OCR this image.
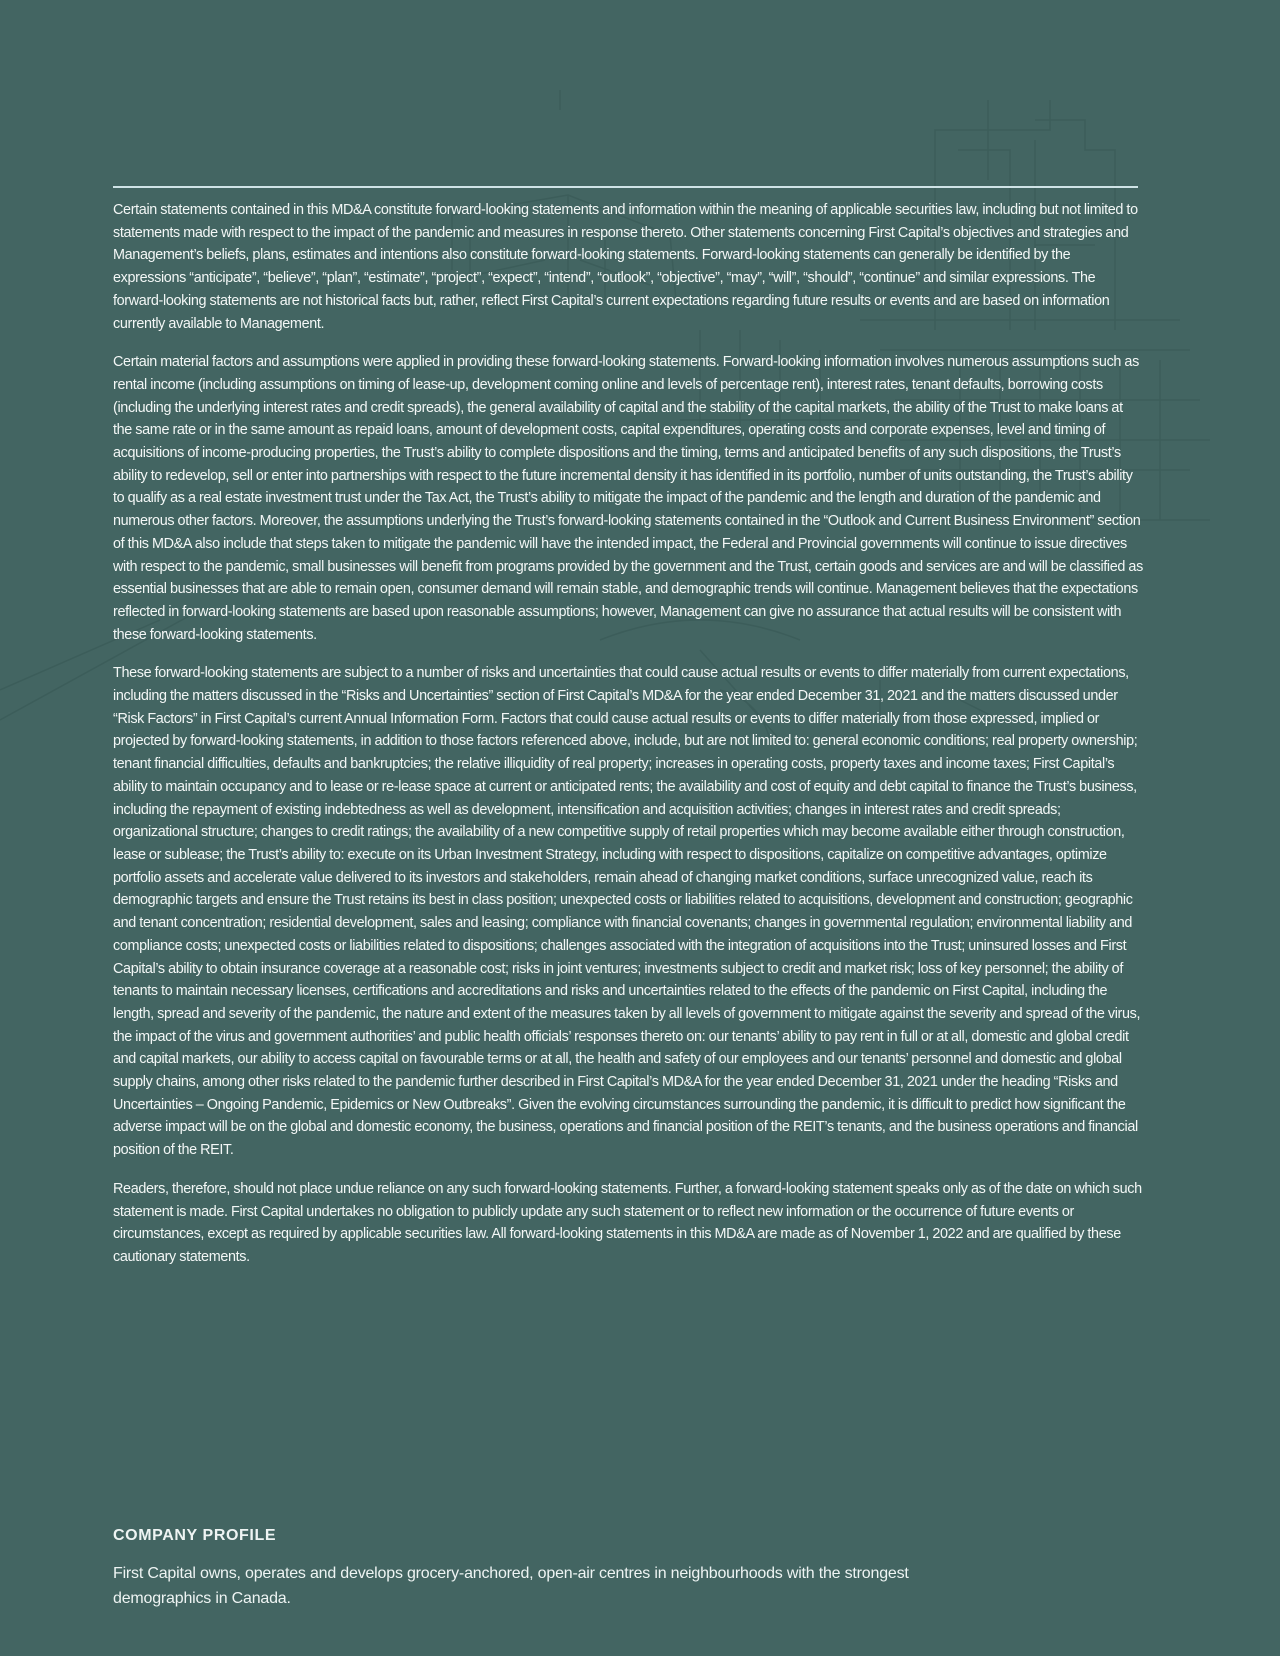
Certain statements contained in this MD&A constitute forward-looking statements and information within the meaning of applicable securities law, including but not limited to statements made with respect to the impact of the pandemic and measures in response thereto. Other statements concerning First Capital’s objectives and strategies and Management’s beliefs, plans, estimates and intentions also constitute forward-looking statements. Forward-looking statements can generally be identified by the expressions “anticipate”, “believe”, “plan”, “estimate”, “project”, “expect”, “intend”, “outlook”, “objective”, “may”, “will”, “should”, “continue” and similar expressions. The forward-looking statements are not historical facts but, rather, reflect First Capital’s current expectations regarding future results or events and are based on information currently available to Management.

Certain material factors and assumptions were applied in providing these forward-looking statements. Forward-looking information involves numerous assumptions such as rental income (including assumptions on timing of lease-up, development coming online and levels of percentage rent), interest rates, tenant defaults, borrowing costs (including the underlying interest rates and credit spreads), the general availability of capital and the stability of the capital markets, the ability of the Trust to make loans at the same rate or in the same amount as repaid loans, amount of development costs, capital expenditures, operating costs and corporate expenses, level and timing of acquisitions of income-producing properties, the Trust’s ability to complete dispositions and the timing, terms and anticipated benefits of any such dispositions, the Trust’s ability to redevelop, sell or enter into partnerships with respect to the future incremental density it has identified in its portfolio, number of units outstanding, the Trust’s ability to qualify as a real estate investment trust under the Tax Act, the Trust’s ability to mitigate the impact of the pandemic and the length and duration of the pandemic and numerous other factors. Moreover, the assumptions underlying the Trust’s forward-looking statements contained in the “Outlook and Current Business Environment” section of this MD&A also include that steps taken to mitigate the pandemic will have the intended impact, the Federal and Provincial governments will continue to issue directives with respect to the pandemic, small businesses will benefit from programs provided by the government and the Trust, certain goods and services are and will be classified as essential businesses that are able to remain open, consumer demand will remain stable, and demographic trends will continue. Management believes that the expectations reflected in forward-looking statements are based upon reasonable assumptions; however, Management can give no assurance that actual results will be consistent with these forward-looking statements.

These forward-looking statements are subject to a number of risks and uncertainties that could cause actual results or events to differ materially from current expectations, including the matters discussed in the “Risks and Uncertainties” section of First Capital’s MD&A for the year ended December 31, 2021 and the matters discussed under “Risk Factors” in First Capital’s current Annual Information Form. Factors that could cause actual results or events to differ materially from those expressed, implied or projected by forward-looking statements, in addition to those factors referenced above, include, but are not limited to: general economic conditions; real property ownership; tenant financial difficulties, defaults and bankruptcies; the relative illiquidity of real property; increases in operating costs, property taxes and income taxes; First Capital’s ability to maintain occupancy and to lease or re-lease space at current or anticipated rents; the availability and cost of equity and debt capital to finance the Trust’s business, including the repayment of existing indebtedness as well as development, intensification and acquisition activities; changes in interest rates and credit spreads; organizational structure; changes to credit ratings; the availability of a new competitive supply of retail properties which may become available either through construction, lease or sublease; the Trust’s ability to: execute on its Urban Investment Strategy, including with respect to dispositions, capitalize on competitive advantages, optimize portfolio assets and accelerate value delivered to its investors and stakeholders, remain ahead of changing market conditions, surface unrecognized value, reach its demographic targets and ensure the Trust retains its best in class position; unexpected costs or liabilities related to acquisitions, development and construction; geographic and tenant concentration; residential development, sales and leasing; compliance with financial covenants; changes in governmental regulation; environmental liability and compliance costs; unexpected costs or liabilities related to dispositions; challenges associated with the integration of acquisitions into the Trust; uninsured losses and First Capital’s ability to obtain insurance coverage at a reasonable cost; risks in joint ventures; investments subject to credit and market risk; loss of key personnel; the ability of tenants to maintain necessary licenses, certifications and accreditations and risks and uncertainties related to the effects of the pandemic on First Capital, including the length, spread and severity of the pandemic, the nature and extent of the measures taken by all levels of government to mitigate against the severity and spread of the virus, the impact of the virus and government authorities’ and public health officials’ responses thereto on: our tenants’ ability to pay rent in full or at all, domestic and global credit and capital markets, our ability to access capital on favourable terms or at all, the health and safety of our employees and our tenants’ personnel and domestic and global supply chains, among other risks related to the pandemic further described in First Capital’s MD&A for the year ended December 31, 2021 under the heading “Risks and Uncertainties – Ongoing Pandemic, Epidemics or New Outbreaks”. Given the evolving circumstances surrounding the pandemic, it is difficult to predict how significant the adverse impact will be on the global and domestic economy, the business, operations and financial position of the REIT’s tenants, and the business operations and financial position of the REIT.

Readers, therefore, should not place undue reliance on any such forward-looking statements. Further, a forward-looking statement speaks only as of the date on which such statement is made. First Capital undertakes no obligation to publicly update any such statement or to reflect new information or the occurrence of future events or circumstances, except as required by applicable securities law. All forward-looking statements in this MD&A are made as of November 1, 2022 and are qualified by these cautionary statements.

COMPANY PROFILE

First Capital owns, operates and develops grocery-anchored, open-air centres in neighbourhoods with the strongest demographics in Canada.
